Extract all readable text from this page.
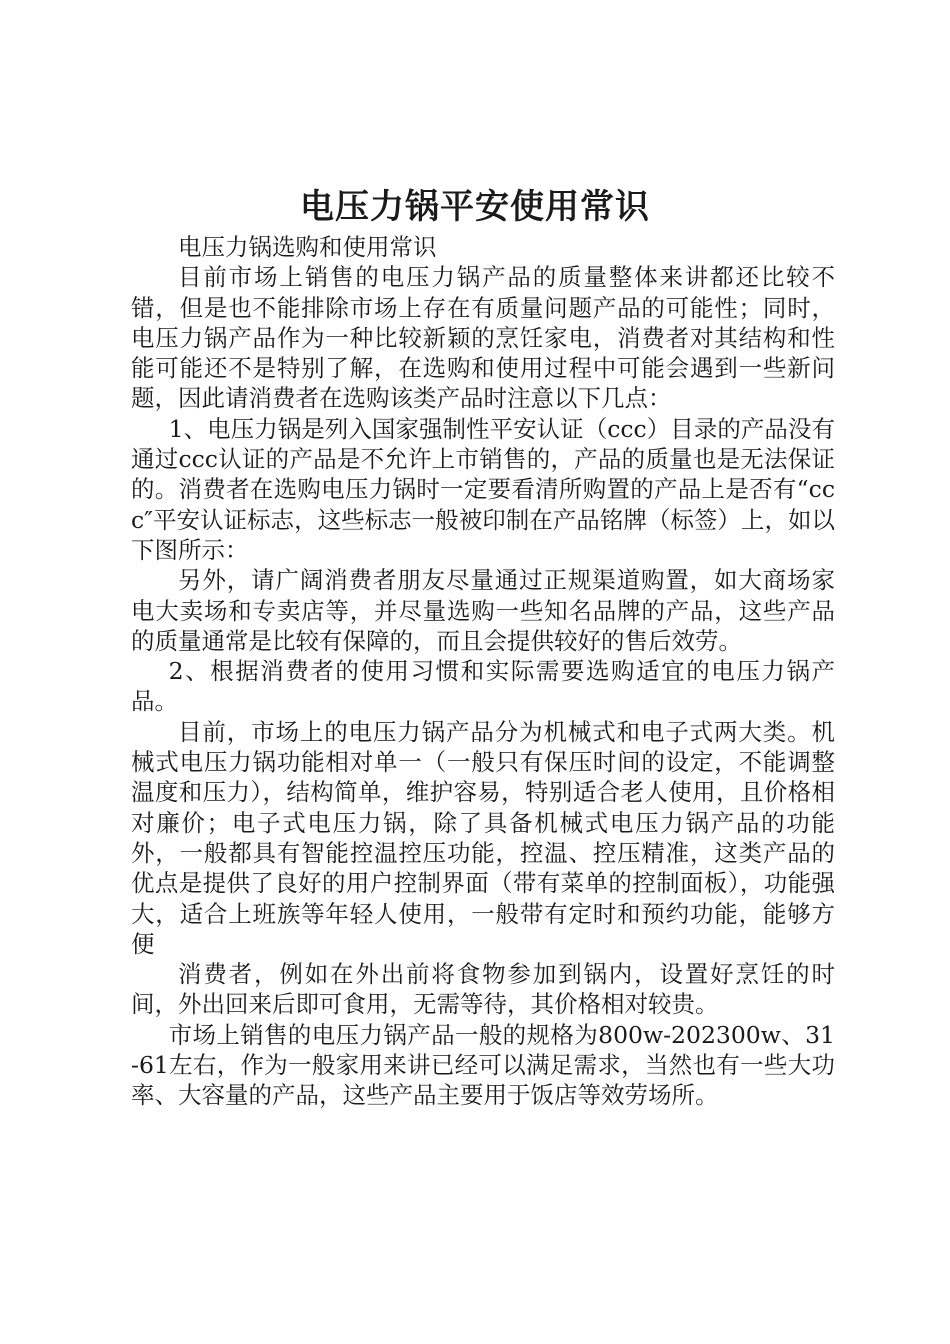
电压力锅平安使用常识

电压力锅选购和使用常识

目前市场上销售的电压力锅产品的质量整体来讲都还比较不错，但是也不能排除市场上存在有质量问题产品的可能性；同时，电压力锅产品作为一种比较新颖的烹饪家电，消费者对其结构和性能可能还不是特别了解，在选购和使用过程中可能会遇到一些新问题，因此请消费者在选购该类产品时注意以下几点：

1、电压力锅是列入国家强制性平安认证（ccc）目录的产品没有通过ccc认证的产品是不允许上市销售的，产品的质量也是无法保证的。消费者在选购电压力锅时一定要看清所购置的产品上是否有“ccc″平安认证标志，这些标志一般被印制在产品铭牌（标签）上，如以下图所示：

另外，请广阔消费者朋友尽量通过正规渠道购置，如大商场家电大卖场和专卖店等，并尽量选购一些知名品牌的产品，这些产品的质量通常是比较有保障的，而且会提供较好的售后效劳。

2、根据消费者的使用习惯和实际需要选购适宜的电压力锅产品。

目前，市场上的电压力锅产品分为机械式和电子式两大类。机械式电压力锅功能相对单一（一般只有保压时间的设定，不能调整温度和压力），结构简单，维护容易，特别适合老人使用，且价格相对廉价；电子式电压力锅，除了具备机械式电压力锅产品的功能外，一般都具有智能控温控压功能，控温、控压精准，这类产品的优点是提供了良好的用户控制界面（带有菜单的控制面板），功能强大，适合上班族等年轻人使用，一般带有定时和预约功能，能够方便

消费者，例如在外出前将食物参加到锅内，设置好烹饪的时间，外出回来后即可食用，无需等待，其价格相对较贵。

市场上销售的电压力锅产品一般的规格为800w-202300w、31-61左右，作为一般家用来讲已经可以满足需求，当然也有一些大功率、大容量的产品，这些产品主要用于饭店等效劳场所。
